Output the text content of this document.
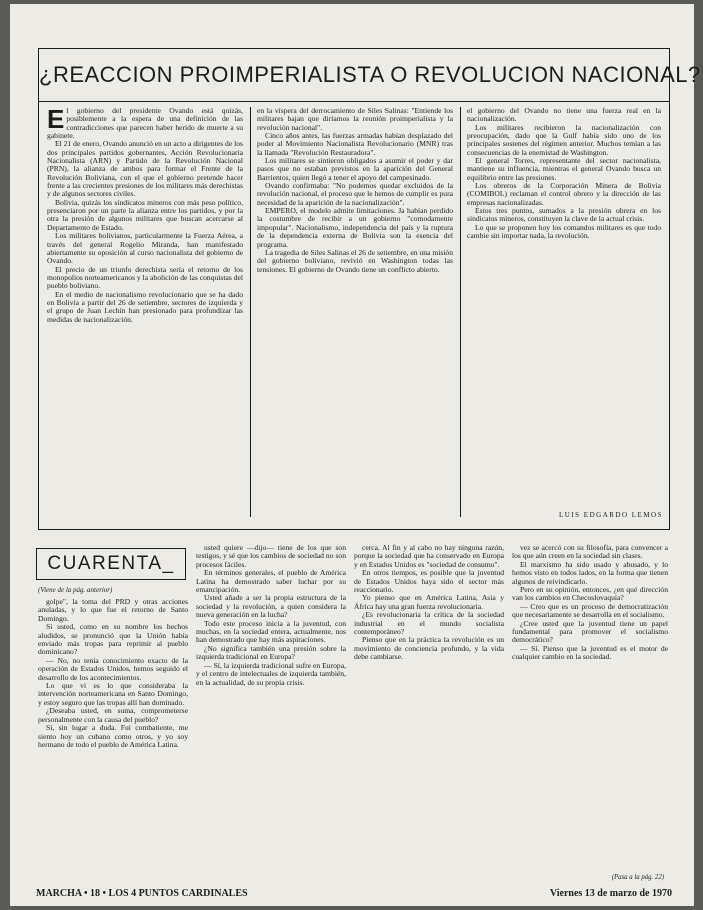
¿REACCION PROIMPERIALISTA O REVOLUCION NACIONAL?

El gobierno del presidente Ovando está quizás, posiblemente a la espera de una definición de las contradicciones que parecen haber herido de muerte a su gabinete.

El 21 de enero, Ovando anunció en un acto a dirigentes de los dos principales partidos gobernantes, Acción Revolucionaria Nacionalista (ARN) y Partido de la Revolución Nacional (PRN), la alianza de ambos para formar el Frente de la Revolución Boliviana, con el que el gobierno pretende hacer frente a las crecientes presiones de los militares más derechistas y de algunos sectores civiles.

Bolivia, quizás los sindicatos mineros con más peso político, presenciaron por un parte la alianza entre los partidos, y por la otra la presión de algunos militares que buscan acercarse al Departamento de Estado.

Los militares bolivianos, particularmente la Fuerza Aérea, a través del general Rogelio Miranda, han manifestado abiertamente su oposición al curso nacionalista del gobierno de Ovando.

El precio de un triunfo derechista sería el retorno de los monopolios norteamericanos y la abolición de las conquistas del pueblo boliviano.

En el medio de nacionalismo revolucionario que se ha dado en Bolivia a partir del 26 de setiembre, sectores de izquierda y el grupo de Juan Lechín han presionado para profundizar las medidas de nacionalización.

en la víspera del derrocamiento de Siles Salinas: "Entiende los militares bajan que diríamos la reunión proimperialista y la revolución nacional".

Cinco años antes, las fuerzas armadas habían desplazado del poder al Movimiento Nacionalista Revolucionario (MNR) tras la llamada "Revolución Restauradora".

Los militares se sintieron obligados a asumir el poder y dar pasos que no estaban previstos en la aparición del General Barrientos, quien llegó a tener el apoyo del campesinado.

Ovando confirmaba: "No podemos quedar excluidos de la revolución nacional, el proceso que le hemos de cumplir es pura necesidad de la aparición de la nacionalización".

EMPERO, el modelo admite limitaciones. Ja habían perdido la costumbre de recibir a un gobierno "comodamente impopular". Nacionalismo, independencia del país y la ruptura de la dependencia externa de Bolivia son la esencia del programa.

La tragedia de Siles Salinas el 26 de setiembre, en una misión del gobierno boliviano, revivió en Washington todas las tensiones. El gobierno de Ovando tiene un conflicto abierto.

el gobierno del Ovando no tiene una fuerza real en la nacionalización.

Los militares recibieron la nacionalización con preocupación, dado que la Gulf había sido uno de los principales sostenes del régimen anterior. Muchos temían a las consecuencias de la enemistad de Washington.

El general Torres, representante del sector nacionalista, mantiene su influencia, mientras el general Ovando busca un equilibrio entre las presiones.

Los obreros de la Corporación Minera de Bolivia (COMIBOL) reclaman el control obrero y la dirección de las empresas nacionalizadas.

Estos tres puntos, sumados a la presión obrera en los sindicatos mineros, constituyen la clave de la actual crisis.

Lo que se proponen hoy los comandos militares es que todo cambie sin importar nada, la revolución.

LUIS EDGARDO LEMOS
CUARENTA_
(Viene de la pág. anterior)

golpe", la toma del PRD y otras acciones anuladas, y lo que fue el retorno de Santo Domingo.

Si usted, como en su nombre los hechos aludidos, se pronunció que la Unión había enviado más tropas para reprimir al pueblo dominicano?

— No, no tenía conocimiento exacto de la operación de Estados Unidos, hemos seguido el desarrollo de los acontecimientos.

Lo que vi es lo que consideraba la intervención norteamericana en Santo Domingo, y estoy seguro que las tropas allí han dominado.

¿Deseaba usted, en suma, comprometerse personalmente con la causa del pueblo?

Sí, sin lugar a duda. Fui combatiente, me siento hoy un cubano como otros, y yo soy hermano de todo el pueblo de América Latina.

usted quiere —dijo— tiene de los que son testigos, y sé que los cambios de sociedad no son procesos fáciles.

En términos generales, el pueblo de América Latina ha demostrado saber luchar por su emancipación.

Usted añade a ser la propia estructura de la sociedad y la revolución, a quien considera la nueva generación en la lucha?

Todo este proceso inicia a la juventud, con muchas, en la sociedad entera, actualmente, nos han demostrado que hay más aspiraciones.

¿No significa también una presión sobre la izquierda tradicional en Europa?

— Sí, la izquierda tradicional sufre en Europa, y el centro de intelectuales de izquierda también, en la actualidad, de su propia crisis.

cerca. Al fin y al cabo no hay ninguna razón, porque la sociedad que ha conservado en Europa y en Estados Unidos es "sociedad de consumo".

En otros tiempos, es posible que la juventud de Estados Unidos haya sido el sector más reaccionario.

Yo pienso que en América Latina, Asia y África hay una gran fuerza revolucionaria.

¿Es revolucionaria la crítica de la sociedad industrial en el mundo socialista contemporáneo?

Pienso que en la práctica la revolución es un movimiento de conciencia profundo, y la vida debe cambiarse.

vez se acercó con su filosofía, para convencer a los que aún creen en la sociedad sin clases.

El marxismo ha sido usado y abusado, y lo hemos visto en todos lados, en la forma que tienen algunos de reivindicarlo.

Pero en su opinión, entonces, ¿en qué dirección van los cambios en Checoslovaquia?

— Creo que es un proceso de democratización que necesariamente se desarrolla en el socialismo.

¿Cree usted que la juventud tiene un papel fundamental para promover el socialismo democrático?

— Sí. Pienso que la juventud es el motor de cualquier cambio en la sociedad.

(Pasa a la pág. 22)
MARCHA • 18 • LOS 4 PUNTOS CARDINALES	Viernes 13 de marzo de 1970
